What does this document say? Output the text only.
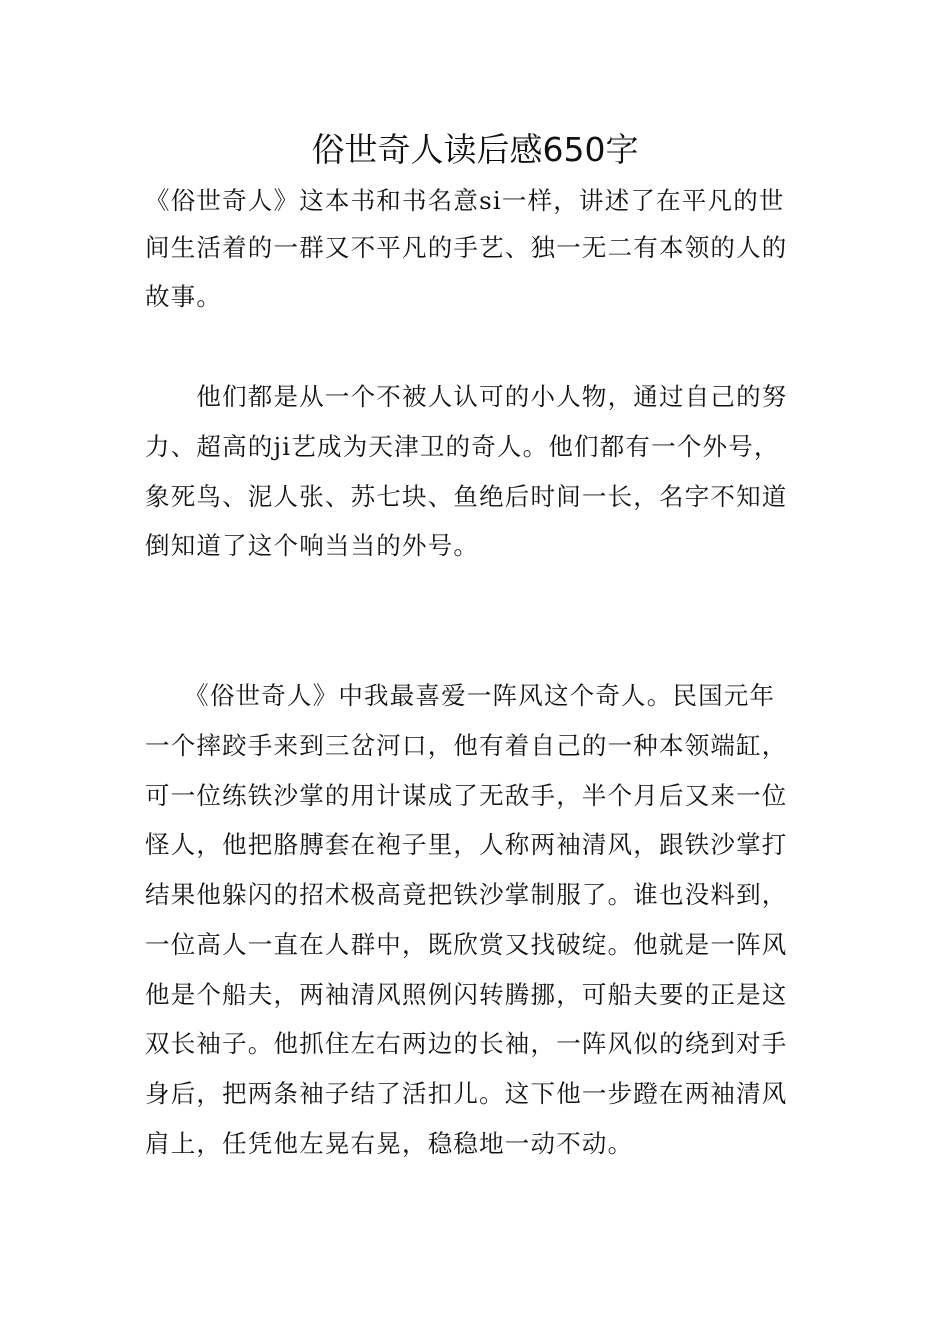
俗世奇人读后感650字
《俗世奇人》这本书和书名意si一样，讲述了在平凡的世
间生活着的一群又不平凡的手艺、独一无二有本领的人的
故事。
　　他们都是从一个不被人认可的小人物，通过自己的努
力、超高的ji艺成为天津卫的奇人。他们都有一个外号，
象死鸟、泥人张、苏七块、鱼绝后时间一长，名字不知道
倒知道了这个响当当的外号。
　　《俗世奇人》中我最喜爱一阵风这个奇人。民国元年
一个摔跤手来到三岔河口，他有着自己的一种本领端缸，
可一位练铁沙掌的用计谋成了无敌手，半个月后又来一位
怪人，他把胳膊套在袍子里，人称两袖清风，跟铁沙掌打
结果他躲闪的招术极高竟把铁沙掌制服了。谁也没料到，
一位高人一直在人群中，既欣赏又找破绽。他就是一阵风
他是个船夫，两袖清风照例闪转腾挪，可船夫要的正是这
双长袖子。他抓住左右两边的长袖，一阵风似的绕到对手
身后，把两条袖子结了活扣儿。这下他一步蹬在两袖清风
肩上，任凭他左晃右晃，稳稳地一动不动。
